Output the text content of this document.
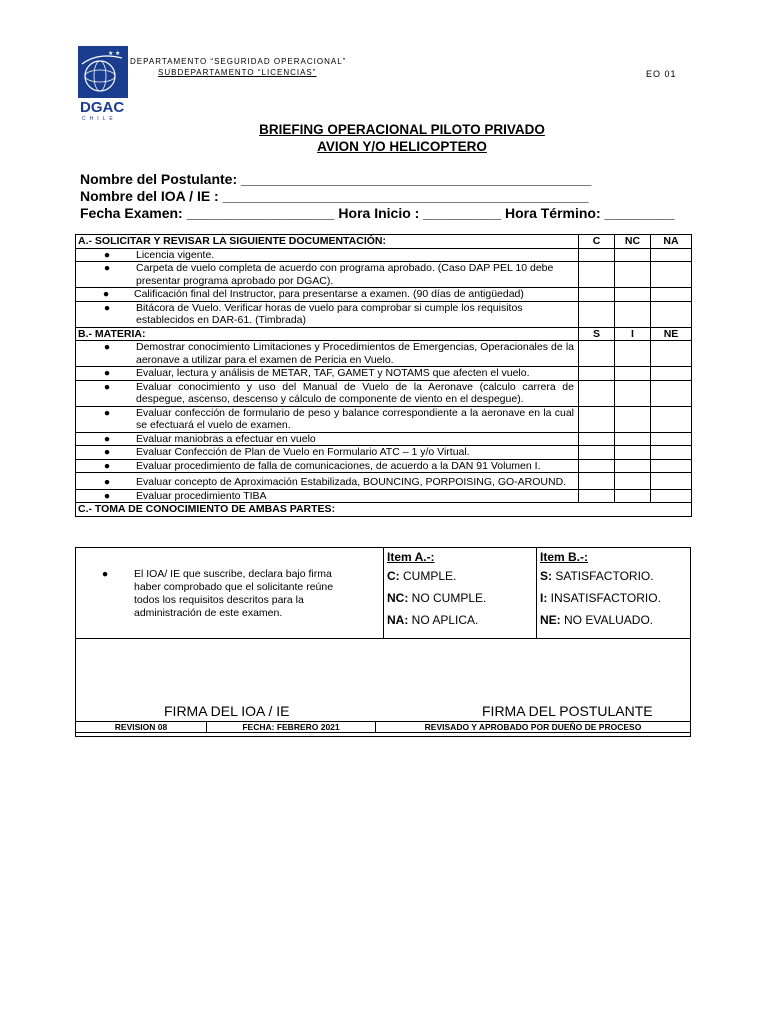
★ ★
DGAC
CHILE
DEPARTAMENTO “SEGURIDAD OPERACIONAL”
SUBDEPARTAMENTO “LICENCIAS”	EO 01
BRIEFING OPERACIONAL PILOTO PRIVADO
AVION Y/O HELICOPTERO
Nombre del Postulante: _____________________________________________
Nombre del IOA / IE : _______________________________________________
Fecha Examen: ___________________ Hora Inicio : __________ Hora Término: _________
A.- SOLICITAR Y REVISAR LA SIGUIENTE DOCUMENTACIÓN:	C	NC	NA

● Licencia vigente.			

● Carpeta de vuelo completa de acuerdo con programa aprobado. (Caso DAP PEL 10 debe presentar programa aprobado por DGAC).			

● Calificación final del Instructor, para presentarse a examen. (90 días de antigüedad)			

● Bitácora de Vuelo. Verificar horas de vuelo para comprobar si cumple los requisitos establecidos en DAR-61. (Timbrada)			

B.- MATERIA:	S	I	NE

● Demostrar conocimiento Limitaciones y Procedimientos de Emergencias, Operacionales de la aeronave a utilizar para el examen de Pericia en Vuelo.			

● Evaluar, lectura y análisis de METAR, TAF, GAMET y NOTAMS que afecten el vuelo.			

● Evaluar conocimiento y uso del Manual de Vuelo de la Aeronave (calculo carrera de despegue, ascenso, descenso y cálculo de componente de viento en el despegue).			

● Evaluar confección de formulario de peso y balance correspondiente a la aeronave en la cual se efectuará el vuelo de examen.			

● Evaluar maniobras a efectuar en vuelo			

● Evaluar Confección de Plan de Vuelo en Formulario ATC – 1 y/o Virtual.			

● Evaluar procedimiento de falla de comunicaciones, de acuerdo a la DAN 91 Volumen I.			

● Evaluar concepto de Aproximación Estabilizada, BOUNCING, PORPOISING, GO-AROUND.			

● Evaluar procedimiento TIBA			

C.- TOMA DE CONOCIMIENTO DE AMBAS PARTES:			
●	El IOA/ IE que suscribe, declara bajo firma haber comprobado que el solicitante reúne todos los requisitos descritos para la administración de este examen.
Item A.-:
C: CUMPLE.
NC: NO CUMPLE.
NA: NO APLICA.
Item B.-:
S: SATISFACTORIO.
I: INSATISFACTORIO.
NE: NO EVALUADO.
FIRMA DEL IOA / IE	FIRMA DEL POSTULANTE
REVISION 08	FECHA: FEBRERO 2021	REVISADO Y APROBADO POR DUEÑO DE PROCESO
